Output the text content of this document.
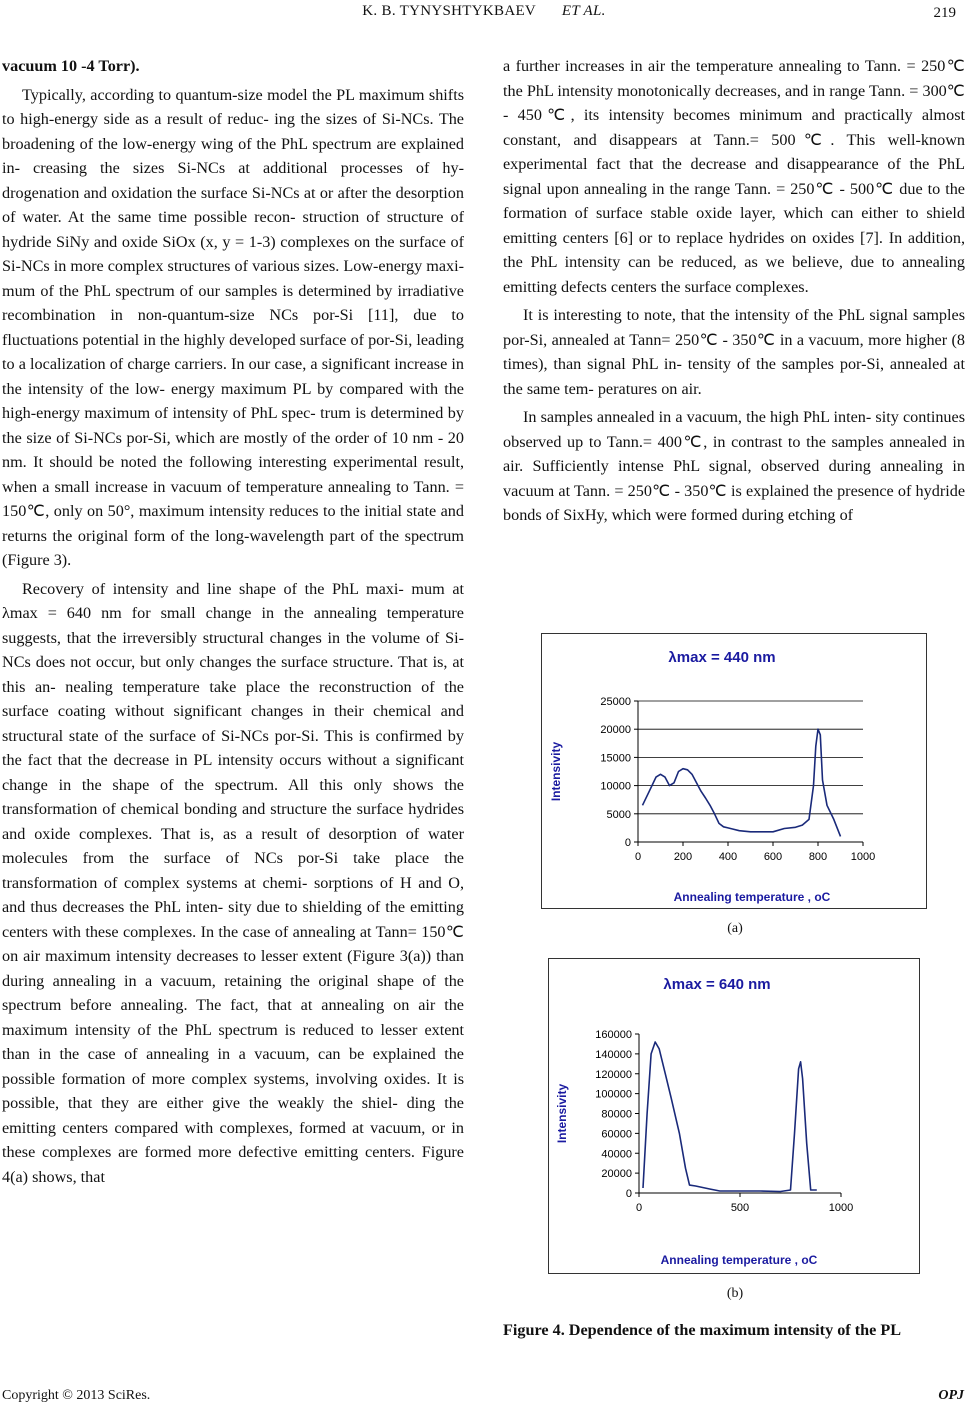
K. B. TYNYSHTYKBAEV ET AL.	219

vacuum 10 -4 Torr).

Typically, according to quantum-size model the PL maximum shifts to high-energy side as a result of reduc- ing the sizes of Si-NCs. The broadening of the low-energy wing of the PhL spectrum are explained in- creasing the sizes Si-NCs at additional processes of hy- drogenation and oxidation the surface Si-NCs at or after the desorption of water. At the same time possible recon- struction of structure of hydride SiNy and oxide SiOx (x, y = 1-3) complexes on the surface of Si-NCs in more complex structures of various sizes. Low-energy maxi- mum of the PhL spectrum of our samples is determined by irradiative recombination in non-quantum-size NCs por-Si [11], due to fluctuations potential in the highly developed surface of por-Si, leading to a localization of charge carriers. In our case, a significant increase in the intensity of the low- energy maximum PL by compared with the high-energy maximum of intensity of PhL spec- trum is determined by the size of Si-NCs por-Si, which are mostly of the order of 10 nm - 20 nm. It should be noted the following interesting experimental result, when a small increase in vacuum of temperature annealing to Tann. = 150℃, only on 50°, maximum intensity reduces to the initial state and returns the original form of the long-wavelength part of the spectrum (Figure 3).

Recovery of intensity and line shape of the PhL maxi- mum at λmax = 640 nm for small change in the annealing temperature suggests, that the irreversibly structural changes in the volume of Si-NCs does not occur, but only changes the surface structure. That is, at this an- nealing temperature take place the reconstruction of the surface coating without significant changes in their chemical and structural state of the surface of Si-NCs por-Si. This is confirmed by the fact that the decrease in PL intensity occurs without a significant change in the shape of the spectrum. All this only shows the transformation of chemical bonding and structure the surface hydrides and oxide complexes. That is, as a result of desorption of water molecules from the surface of NCs por-Si take place the transformation of complex systems at chemi- sorptions of H and O, and thus decreases the PhL inten- sity due to shielding of the emitting centers with these complexes. In the case of annealing at Tann= 150℃ on air maximum intensity decreases to lesser extent (Figure 3(a)) than during annealing in a vacuum, retaining the original shape of the spectrum before annealing. The fact, that at annealing on air the maximum intensity of the PhL spectrum is reduced to lesser extent than in the case of annealing in a vacuum, can be explained the possible formation of more complex systems, involving oxides. It is possible, that they are either give the weakly the shiel- ding the emitting centers compared with complexes, formed at vacuum, or in these complexes are formed more defective emitting centers. Figure 4(a) shows, that

a further increases in air the temperature annealing to Tann. = 250℃ the PhL intensity monotonically decreases, and in range Tann. = 300℃ - 450℃, its intensity becomes minimum and practically almost constant, and disappears at Tann.= 500℃. This well-known experimental fact that the decrease and disappearance of the PhL signal upon annealing in the range Tann. = 250℃ - 500℃ due to the formation of surface stable oxide layer, which can either to shield emitting centers [6] or to replace hydrides on oxides [7]. In addition, the PhL intensity can be reduced, as we believe, due to annealing emitting defects centers the surface complexes.

It is interesting to note, that the intensity of the PhL signal samples por-Si, annealed at Tann= 250℃ - 350℃ in a vacuum, more higher (8 times), than signal PhL in- tensity of the samples por-Si, annealed at the same tem- peratures on air.

In samples annealed in a vacuum, the high PhL inten- sity continues observed up to Tann.= 400℃, in contrast to the samples annealed in air. Sufficiently intense PhL signal, observed during annealing in vacuum at Tann. = 250℃ - 350℃ is explained the presence of hydride bonds of SixHy, which were formed during etching of

λmax = 440 nm
0
5000
10000
15000
20000
25000
0	200 400 600 800 1000
Intensivity
Annealing temperature , oC
(a)
λmax = 640 nm
0
20000
40000
60000
80000
100000
120000
140000
160000
0	500	1000
Intensivity
Annealing temperature , oC
(b)
Figure 4. Dependence of the maximum intensity of the PL
Copyright © 2013 SciRes.	OPJ
